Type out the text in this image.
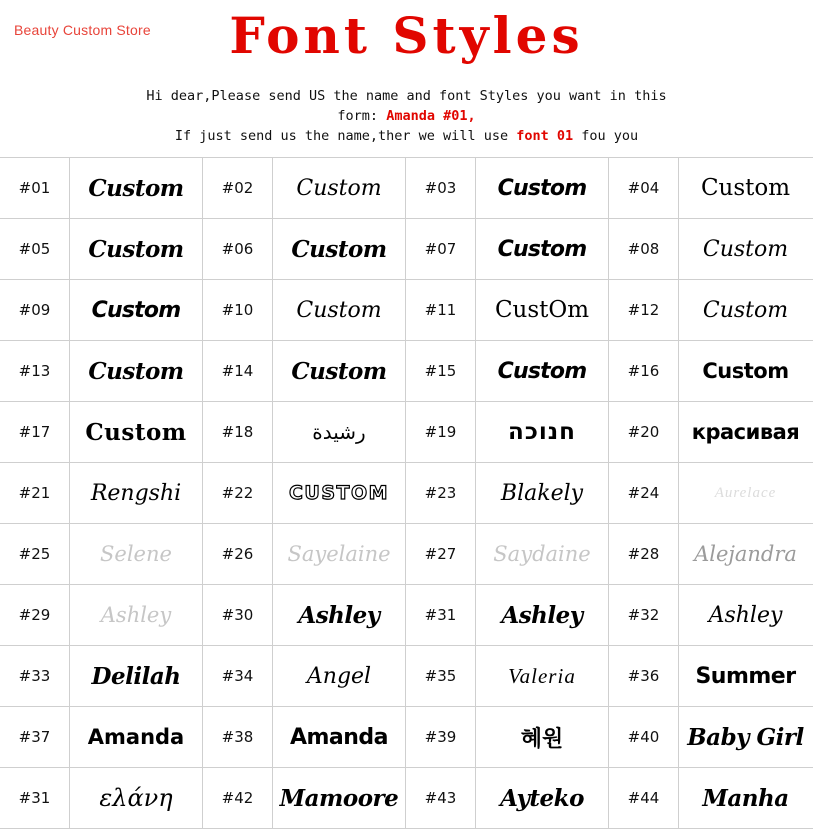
Beauty Custom Store	Font Styles
Hi dear,Please send US the name and font Styles you want in this
form: Amanda #01,
If just send us the name,ther we will use font 01 fou you
#01	Custom	#02	Custom	#03	Custom	#04	Custom
#05	Custom	#06	Custom	#07	Custom	#08	Custom
#09	Custom	#10	Custom	#11	CustOm	#12	Custom
#13	Custom	#14	Custom	#15	Custom	#16	Custom
#17	Custom	#18	رشيدة	#19	חנוכה	#20	красивая
#21	Rengshi	#22	CUSTOM	#23	Blakely	#24	Aurelace
#25	Selene	#26	Sayelaine	#27	Saydaine	#28	Alejandra
#29	Ashley	#30	Ashley	#31	Ashley	#32	Ashley
#33	Delilah	#34	Angel	#35	Valeria	#36	Summer
#37	Amanda	#38	Amanda	#39	혜원	#40	Baby Girl
#31	ελάνη	#42	Mamoore	#43	Ayteko	#44	Manha
